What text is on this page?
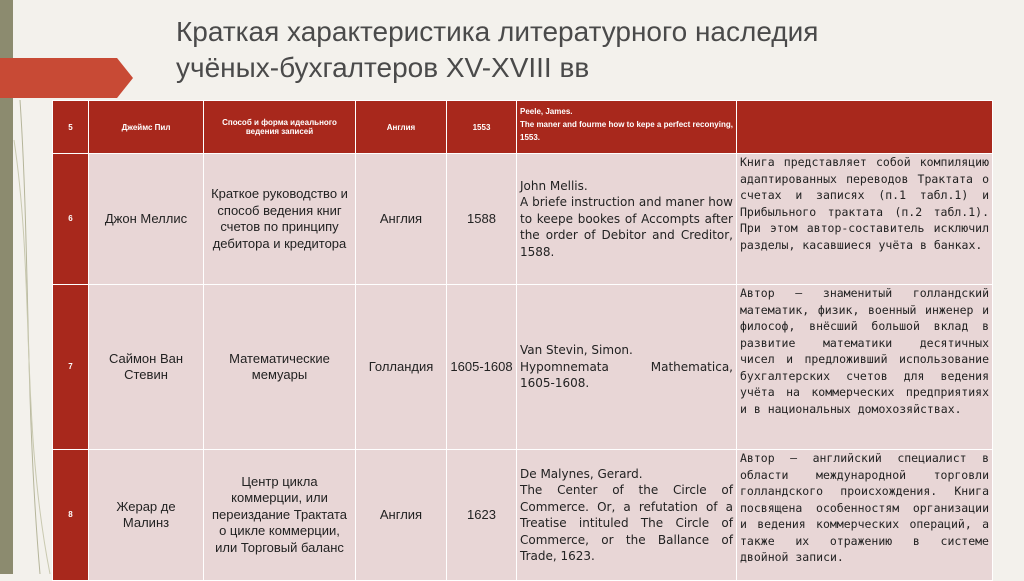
Краткая характеристика литературного наследия
учёных-бухгалтеров XV-XVIII вв
5	Джеймс Пил	Способ и форма идеального ведения записей	Англия	1553	Peele, James.
The maner and fourme how to kepe a perfect reconying, 1553.	

6	Джон Меллис	Краткое руководство и способ ведения книг счетов по принципу дебитора и кредитора	Англия	1588	John Mellis.
A briefe instruction and maner how to keepe bookes of Accompts after the order of Debitor and Creditor, 1588.	Книга представляет собой компиляцию адаптированных переводов Трактата о счетах и записях (п.1 табл.1) и Прибыльного трактата (п.2 табл.1). При этом автор-составитель исключил разделы, касавшиеся учёта в банках.
7	Саймон Ван Стевин	Математические мемуары	Голландия	1605-1608	Van Stevin, Simon.
Hypomnemata Mathematica, 1605-1608.	Автор – знаменитый голландский математик, физик, военный инженер и философ, внёсший большой вклад в развитие математики десятичных чисел и предложивший использование бухгалтерских счетов для ведения учёта на коммерческих предприятиях и в национальных домохозяйствах.
8	Жерар де Малинз	Центр цикла коммерции, или переиздание Трактата о цикле коммерции, или Торговый баланс	Англия	1623	De Malynes, Gerard.
The Center of the Circle of Commerce. Or, a refutation of a Treatise intituled The Circle of Commerce, or the Ballance of Trade, 1623.	Автор – английский специалист в области международной торговли голландского происхождения. Книга посвящена особенностям организации и ведения коммерческих операций, а также их отражению в системе двойной записи.
